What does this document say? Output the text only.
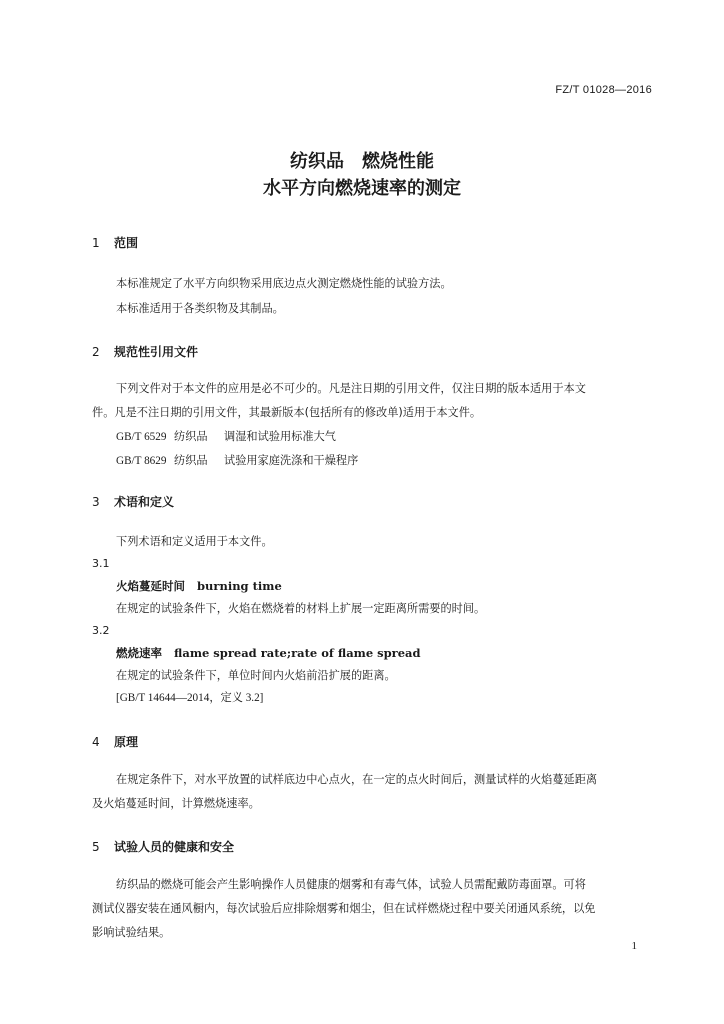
FZ/T 01028—2016
纺织品　燃烧性能
水平方向燃烧速率的测定
1 范围
本标准规定了水平方向织物采用底边点火测定燃烧性能的试验方法。
本标准适用于各类织物及其制品。
2 规范性引用文件
下列文件对于本文件的应用是必不可少的。凡是注日期的引用文件，仅注日期的版本适用于本文
件。凡是不注日期的引用文件，其最新版本(包括所有的修改单)适用于本文件。
GB/T 6529 纺织品 调湿和试验用标准大气
GB/T 8629 纺织品 试验用家庭洗涤和干燥程序
3 术语和定义
下列术语和定义适用于本文件。
3.1
火焰蔓延时间 burning time
在规定的试验条件下，火焰在燃烧着的材料上扩展一定距离所需要的时间。
3.2
燃烧速率 flame spread rate;rate of flame spread
在规定的试验条件下，单位时间内火焰前沿扩展的距离。
[GB/T 14644—2014，定义 3.2]
4 原理
在规定条件下，对水平放置的试样底边中心点火，在一定的点火时间后，测量试样的火焰蔓延距离
及火焰蔓延时间，计算燃烧速率。
5 试验人员的健康和安全
纺织品的燃烧可能会产生影响操作人员健康的烟雾和有毒气体，试验人员需配戴防毒面罩。可将
测试仪器安装在通风橱内，每次试验后应排除烟雾和烟尘，但在试样燃烧过程中要关闭通风系统，以免
影响试验结果。
1
